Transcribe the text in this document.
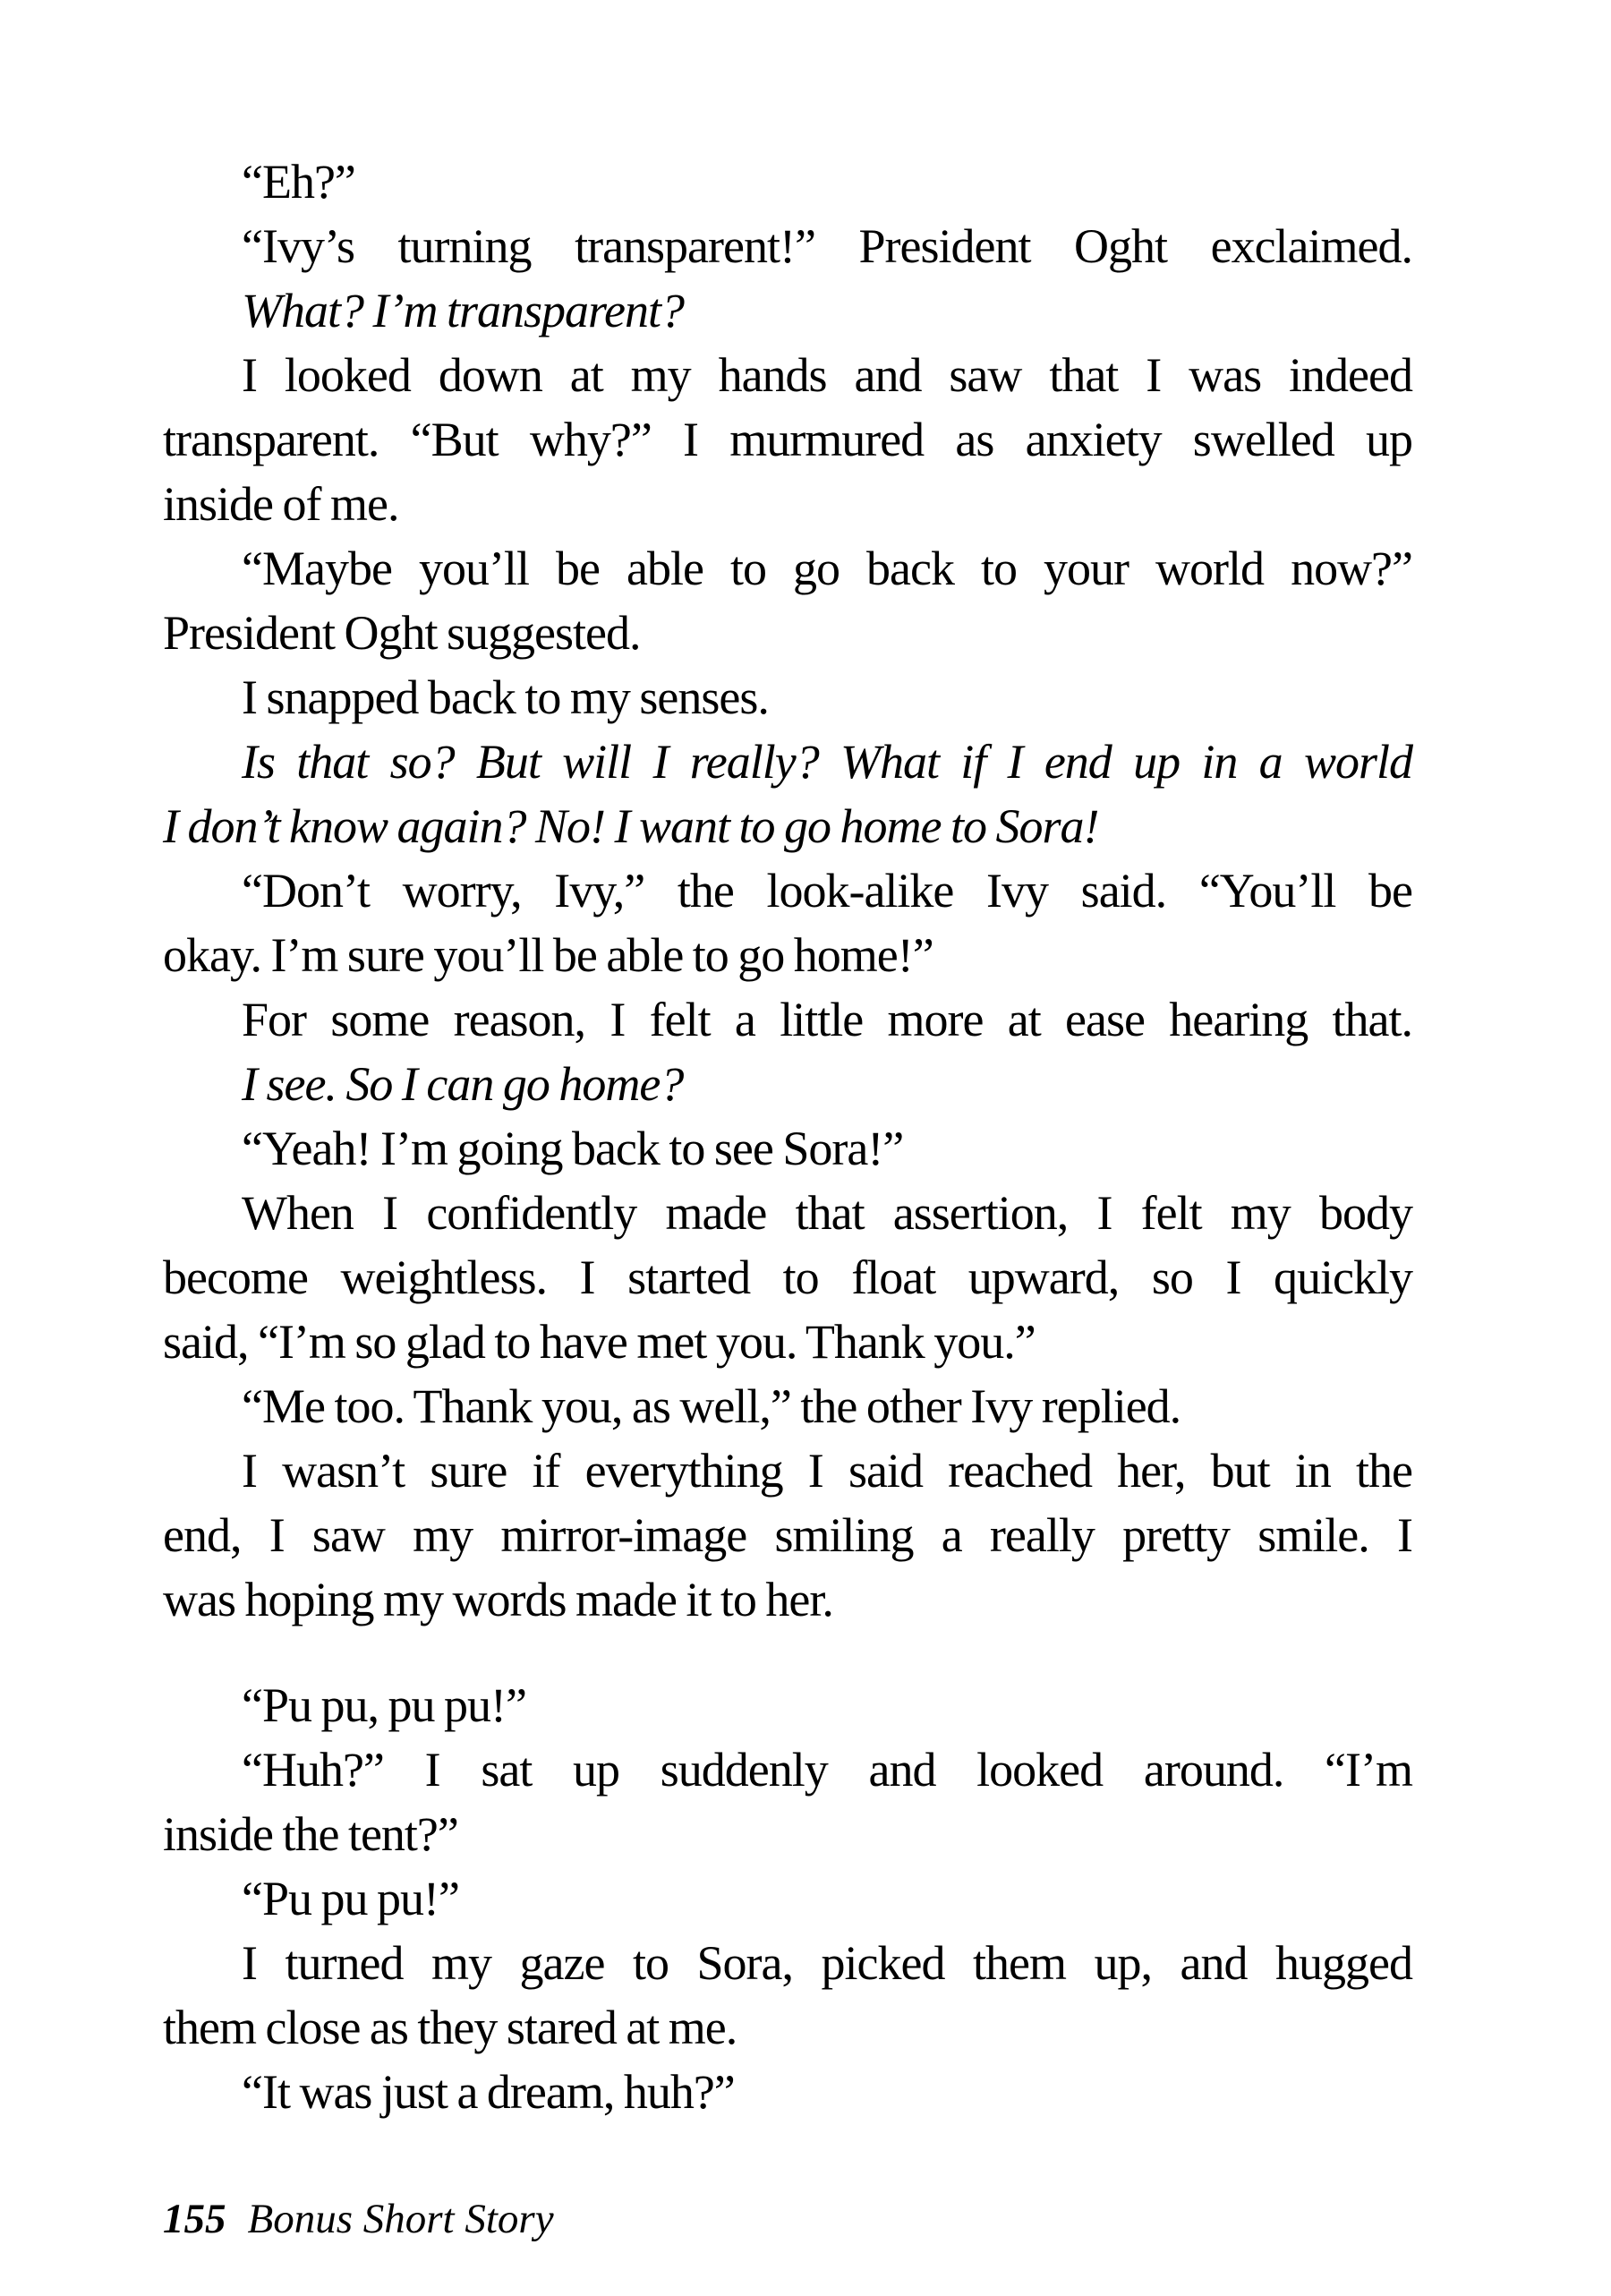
“Eh?”
“Ivy’s turning transparent!” President Oght exclaimed.
What? I’m transparent?
I looked down at my hands and saw that I was indeed
transparent. “But why?” I murmured as anxiety swelled up
inside of me.
“Maybe you’ll be able to go back to your world now?”
President Oght suggested.
I snapped back to my senses.
Is that so? But will I really? What if I end up in a world
I don’t know again? No! I want to go home to Sora!
“Don’t worry, Ivy,” the look-alike Ivy said. “You’ll be
okay. I’m sure you’ll be able to go home!”
For some reason, I felt a little more at ease hearing that.
I see. So I can go home?
“Yeah! I’m going back to see Sora!”
When I confidently made that assertion, I felt my body
become weightless. I started to float upward, so I quickly
said, “I’m so glad to have met you. Thank you.”
“Me too. Thank you, as well,” the other Ivy replied.
I wasn’t sure if everything I said reached her, but in the
end, I saw my mirror-image smiling a really pretty smile. I
was hoping my words made it to her.
“Pu pu, pu pu!”
“Huh?” I sat up suddenly and looked around. “I’m
inside the tent?”
“Pu pu pu!”
I turned my gaze to Sora, picked them up, and hugged
them close as they stared at me.
“It was just a dream, huh?”
155 Bonus Short Story
